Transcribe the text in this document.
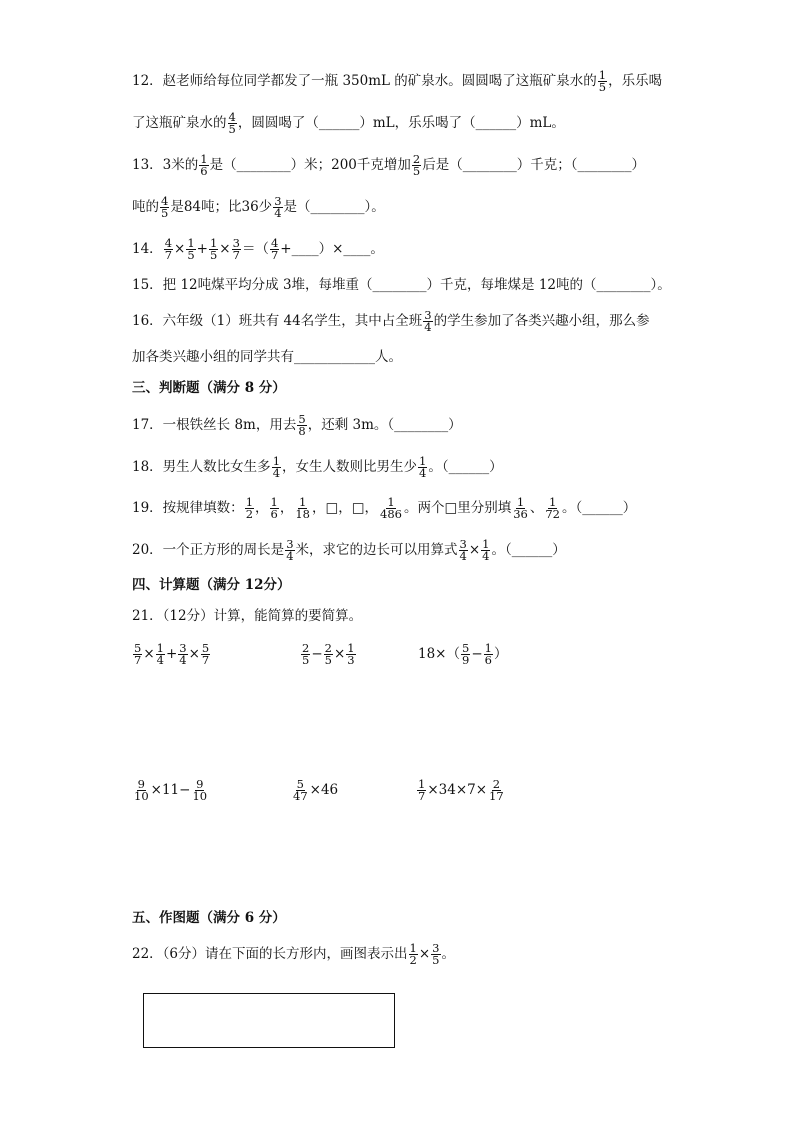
12．赵老师给每位同学都发了一瓶 350mL 的矿泉水。圆圆喝了这瓶矿泉水的 $\frac{1}{5}$ ，乐乐喝
了这瓶矿泉水的 $\frac{4}{5}$ ，圆圆喝了（______）mL，乐乐喝了（______）mL。
13．3米的 $\frac{1}{6}$ 是（________）米；200千克增加 $\frac{2}{5}$ 后是（________）千克；（________）
吨的 $\frac{4}{5}$ 是84吨；比36少 $\frac{3}{4}$ 是（________）。
14． $\frac{4}{7} \times \frac{1}{5} + \frac{1}{5} \times \frac{3}{7}$ ＝（ $\frac{4}{7}$ +____）×____。
15．把 12吨煤平均分成 3堆，每堆重（________）千克，每堆煤是 12吨的（________）。
16．六年级（1）班共有 44名学生，其中占全班 $\frac{3}{4}$ 的学生参加了各类兴趣小组，那么参
加各类兴趣小组的同学共有____________人。
三、判断题（满分 8 分）
17．一根铁丝长 8m，用去 $\frac{5}{8}$ ，还剩 3m。（________）
18．男生人数比女生多 $\frac{1}{4}$ ，女生人数则比男生少 $\frac{1}{4}$ 。（______）
19．按规律填数： $\frac{1}{2}$ ， $\frac{1}{6}$ ， $\frac{1}{18}$ ，□，□， $\frac{1}{486}$ 。两个□里分别填 $\frac{1}{36}$ 、 $\frac{1}{72}$ 。（______）
20．一个正方形的周长是 $\frac{3}{4}$ 米，求它的边长可以用算式 $\frac{3}{4} \times \frac{1}{4}$ 。（______）
四、计算题（满分 12分）
21．（12分）计算，能简算的要简算。
$\frac{5}{7} \times \frac{1}{4} + \frac{3}{4} \times \frac{5}{7}$	$\frac{2}{5} - \frac{2}{5} \times \frac{1}{3}$	$18\times( \frac{5}{9} - \frac{1}{6}$ ）
$\frac{9}{10} \times 11- \frac{9}{10}$	$\frac{5}{47} \times 46$	$\frac{1}{7} \times 34\times 7\times \frac{2}{17}$
五、作图题（满分 6 分）
22．（6分）请在下面的长方形内，画图表示出 $\frac{1}{2} \times \frac{3}{5}$ 。
